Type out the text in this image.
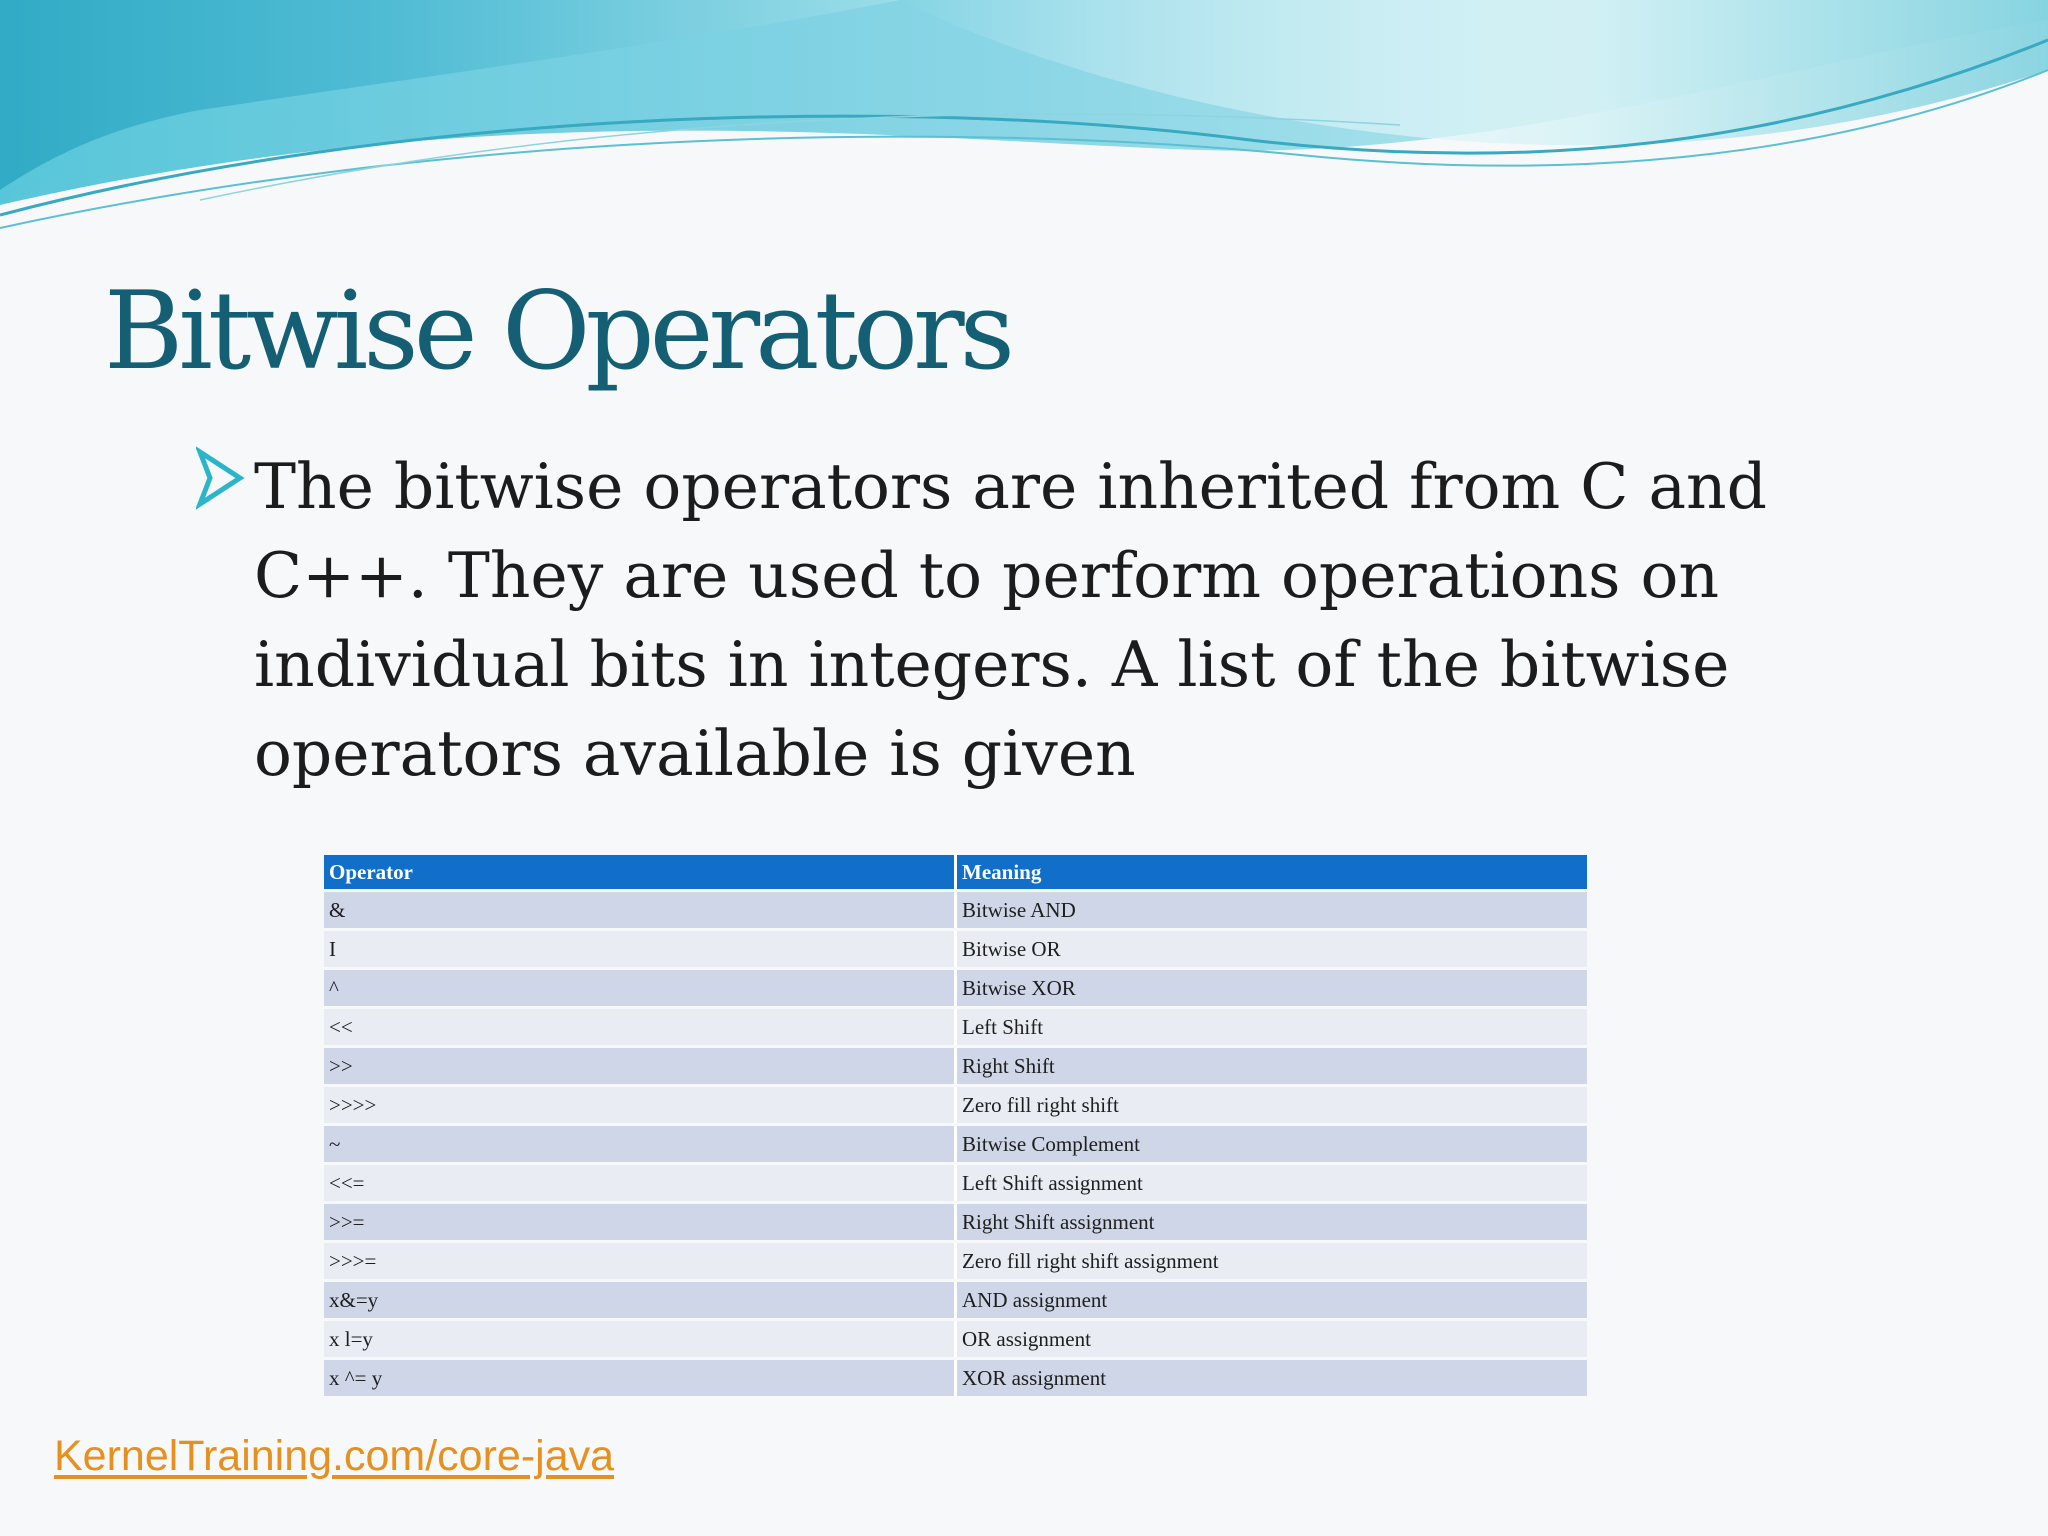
Bitwise Operators

The bitwise operators are inherited from C and C++. They are used to perform operations on individual bits in integers. A list of the bitwise operators available is given

Operator	Meaning
&	Bitwise AND
I	Bitwise OR
^	Bitwise XOR
<<	Left Shift
>>	Right Shift
>>>>	Zero fill right shift
~	Bitwise Complement
<<=	Left Shift assignment
>>=	Right Shift assignment
>>>=	Zero fill right shift assignment
x&=y	AND assignment
x l=y	OR assignment
x ^= y	XOR assignment
KernelTraining.com/core-java
